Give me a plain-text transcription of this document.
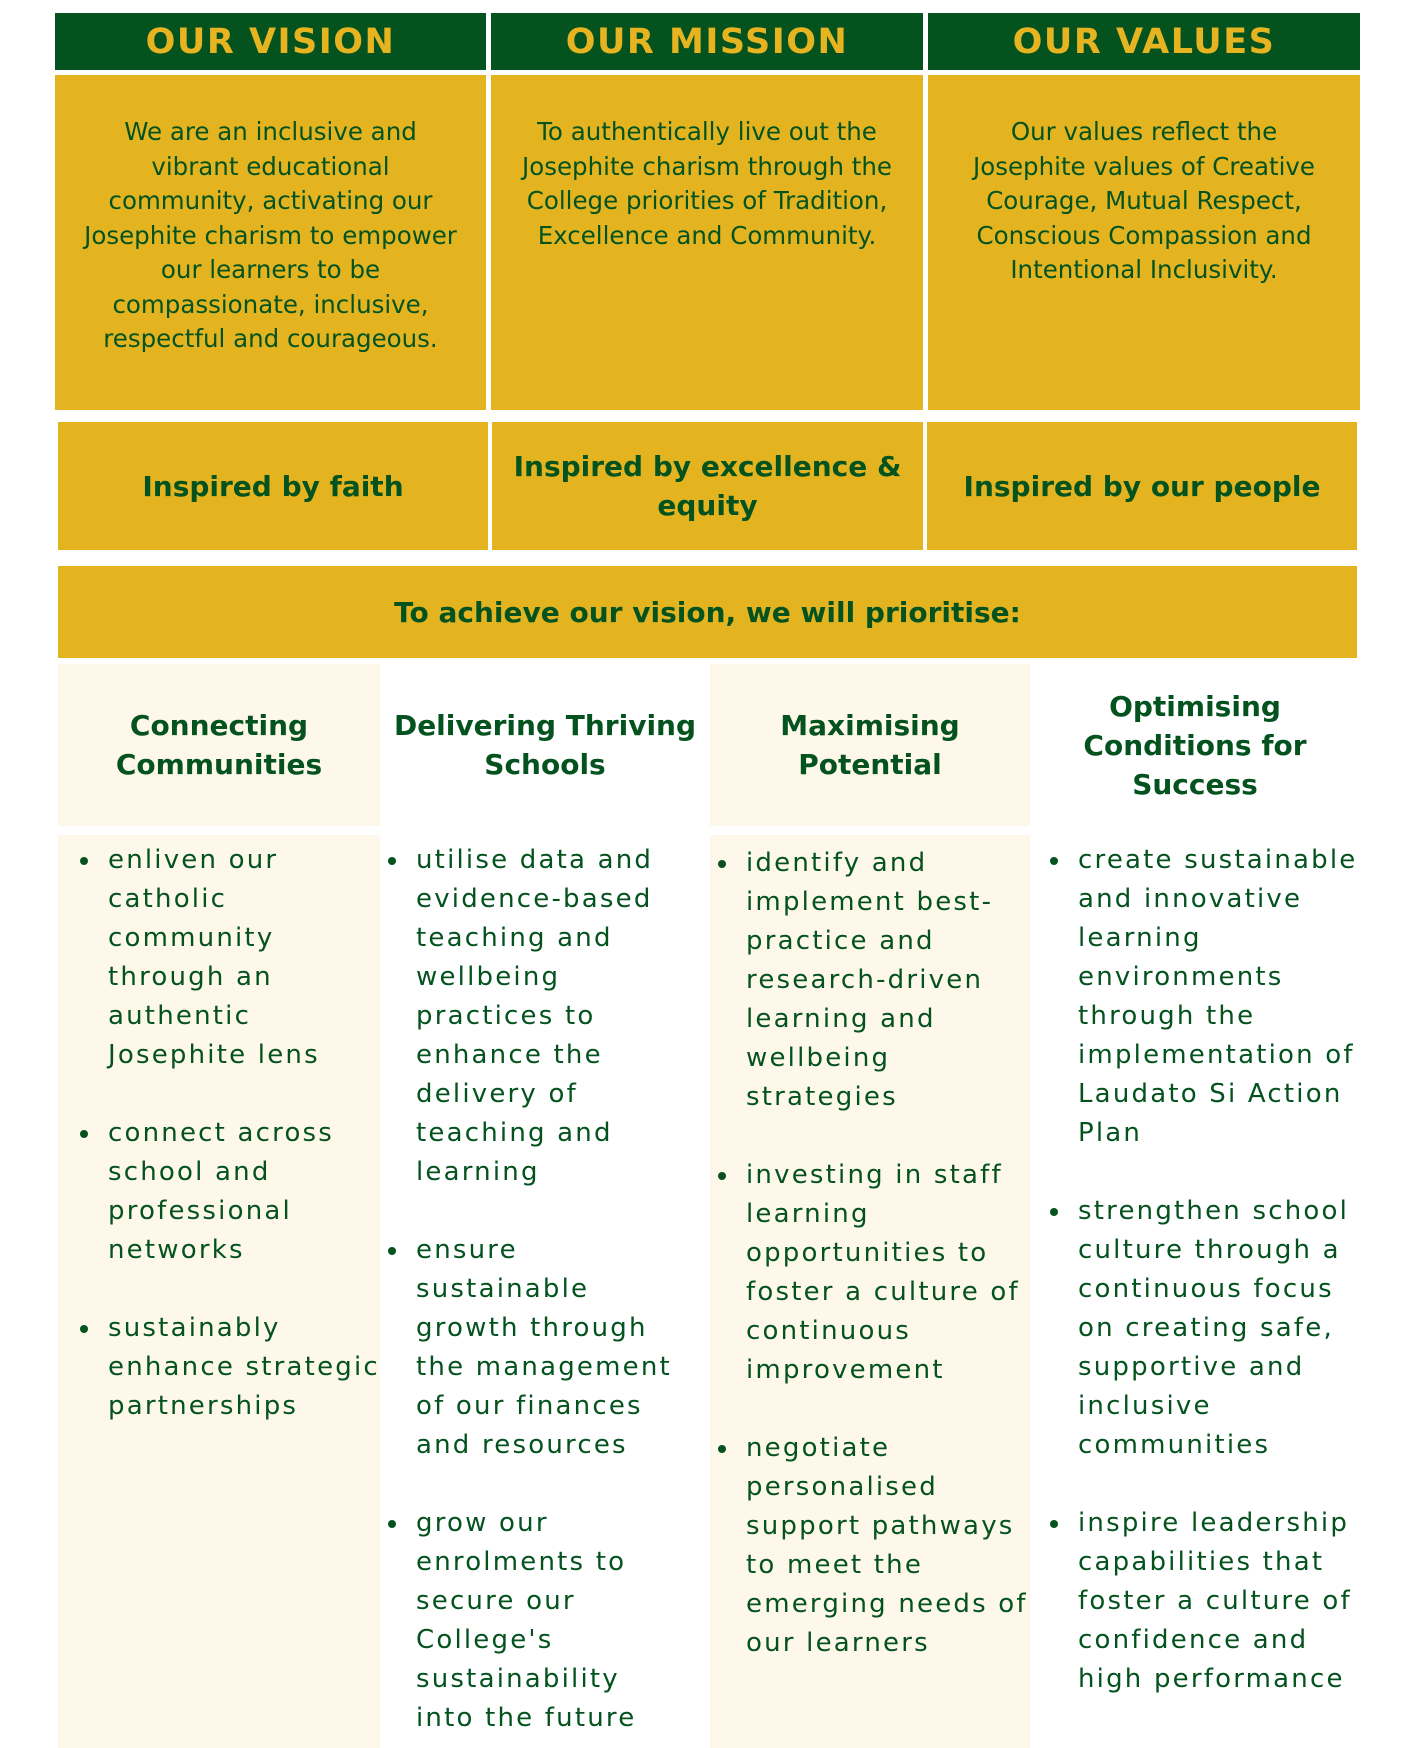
OUR VISION	OUR MISSION	OUR VALUES
We are an inclusive and vibrant educational community, activating our Josephite charism to empower our learners to be compassionate, inclusive, respectful and courageous.
To authentically live out the Josephite charism through the College priorities of Tradition, Excellence and Community.
Our values reflect the Josephite values of Creative Courage, Mutual Respect, Conscious Compassion and Intentional Inclusivity.
Inspired by faith
Inspired by excellence & equity
Inspired by our people
To achieve our vision, we will prioritise:
Connecting Communities
Delivering Thriving Schools
Maximising Potential
Optimising Conditions for Success
enliven our catholic community through an authentic Josephite lens
connect across school and professional networks
sustainably enhance strategic partnerships
utilise data and evidence-based teaching and wellbeing practices to enhance the delivery of teaching and learning
ensure sustainable growth through the management of our finances and resources
grow our enrolments to secure our College's sustainability into the future
identify and implement best-practice and research-driven learning and wellbeing strategies
investing in staff learning opportunities to foster a culture of continuous improvement
negotiate personalised support pathways to meet the emerging needs of our learners
create sustainable and innovative learning environments through the implementation of Laudato Si Action Plan
strengthen school culture through a continuous focus on creating safe, supportive and inclusive communities
inspire leadership capabilities that foster a culture of confidence and high performance
